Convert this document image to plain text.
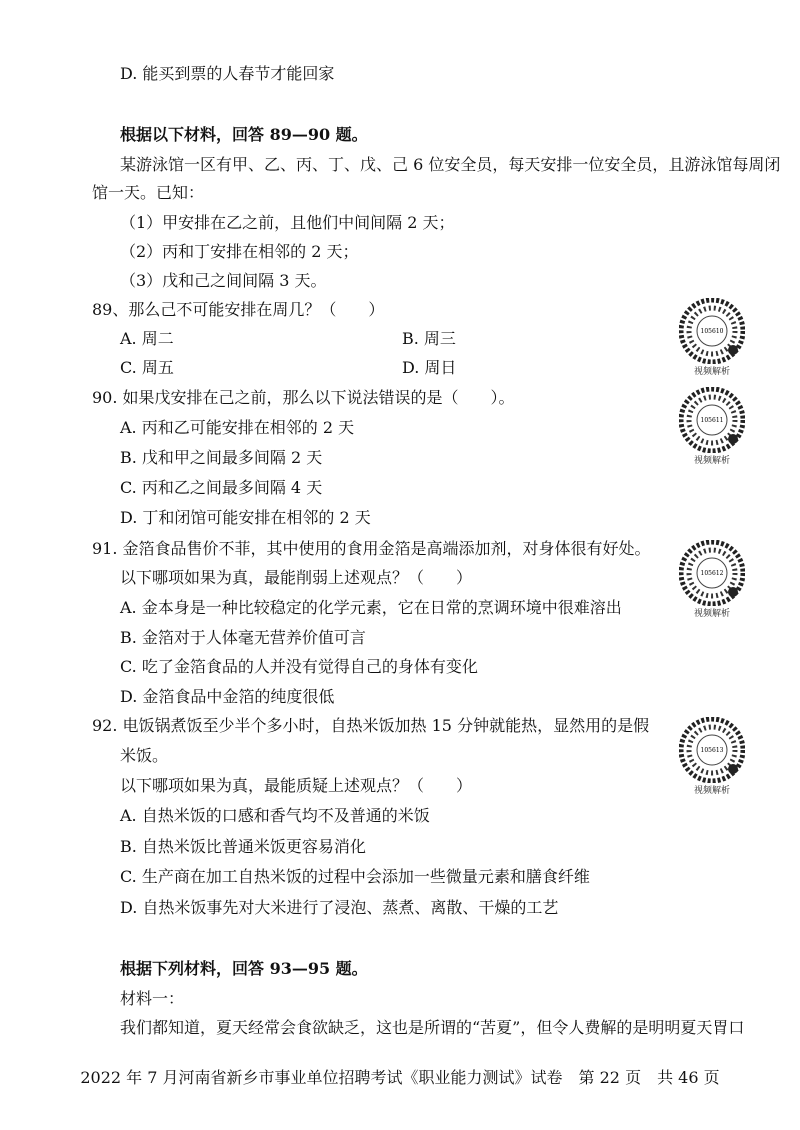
D. 能买到票的人春节才能回家
根据以下材料，回答 89—90 题。
某游泳馆一区有甲、乙、丙、丁、戊、己 6 位安全员，每天安排一位安全员，且游泳馆每周闭
馆一天。已知：
（1）甲安排在乙之前，且他们中间间隔 2 天；
（2）丙和丁安排在相邻的 2 天；
（3）戊和己之间间隔 3 天。
89、那么己不可能安排在周几？（　　）
A. 周二	B. 周三
C. 周五	D. 周日
90. 如果戊安排在己之前，那么以下说法错误的是（　　）。
A. 丙和乙可能安排在相邻的 2 天
B. 戊和甲之间最多间隔 2 天
C. 丙和乙之间最多间隔 4 天
D. 丁和闭馆可能安排在相邻的 2 天
91. 金箔食品售价不菲，其中使用的食用金箔是高端添加剂，对身体很有好处。
以下哪项如果为真，最能削弱上述观点？（　　）
A. 金本身是一种比较稳定的化学元素，它在日常的烹调环境中很难溶出
B. 金箔对于人体毫无营养价值可言
C. 吃了金箔食品的人并没有觉得自己的身体有变化
D. 金箔食品中金箔的纯度很低
92. 电饭锅煮饭至少半个多小时，自热米饭加热 15 分钟就能热，显然用的是假
米饭。
以下哪项如果为真，最能质疑上述观点？（　　）
A. 自热米饭的口感和香气均不及普通的米饭
B. 自热米饭比普通米饭更容易消化
C. 生产商在加工自热米饭的过程中会添加一些微量元素和膳食纤维
D. 自热米饭事先对大米进行了浸泡、蒸煮、离散、干燥的工艺
根据下列材料，回答 93—95 题。
材料一：
我们都知道，夏天经常会食欲缺乏，这也是所谓的“苦夏”，但令人费解的是明明夏天胃口
105610
视频解析
105611
视频解析
105612
视频解析
105613
视频解析
2022 年 7 月河南省新乡市事业单位招聘考试《职业能力测试》试卷　第 22 页　共 46 页
